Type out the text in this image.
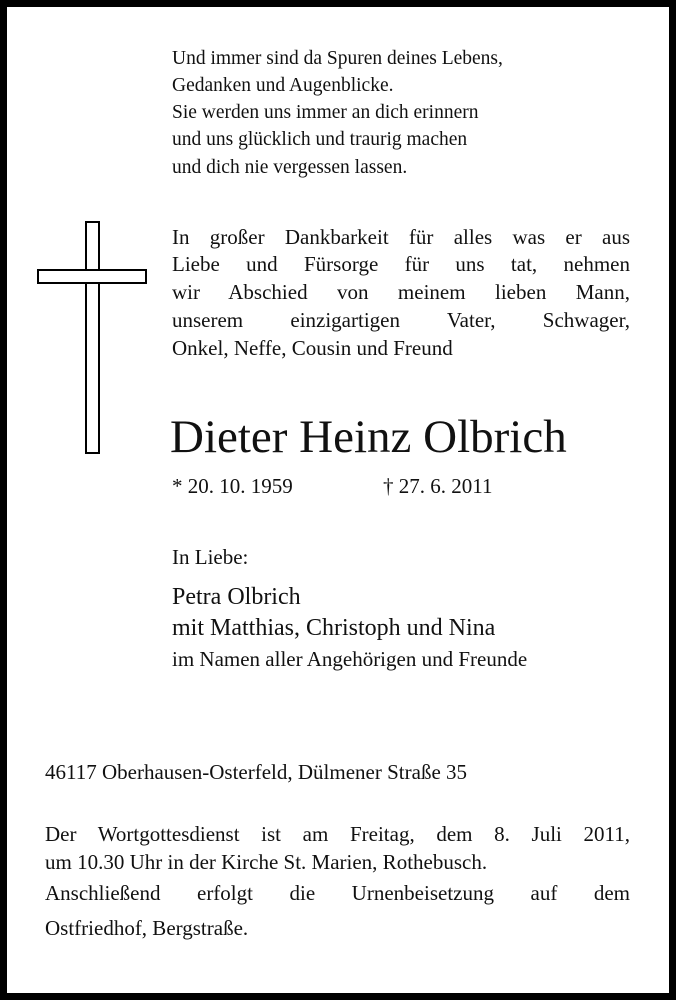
Und immer sind da Spuren deines Lebens,
Gedanken und Augenblicke.
Sie werden uns immer an dich erinnern
und uns glücklich und traurig machen
und dich nie vergessen lassen.
In großer Dankbarkeit für alles was er aus
Liebe und Fürsorge für uns tat, nehmen
wir Abschied von meinem lieben Mann,
unserem einzigartigen Vater, Schwager,
Onkel, Neffe, Cousin und Freund
Dieter Heinz Olbrich
* 20. 10. 1959	† 27. 6. 2011
In Liebe:
Petra Olbrich
mit Matthias, Christoph und Nina
im Namen aller Angehörigen und Freunde
46117 Oberhausen-Osterfeld, Dülmener Straße 35
Der Wortgottesdienst ist am Freitag, dem 8. Juli 2011,
um 10.30 Uhr in der Kirche St. Marien, Rothebusch.
Anschließend erfolgt die Urnenbeisetzung auf dem
Ostfriedhof, Bergstraße.
